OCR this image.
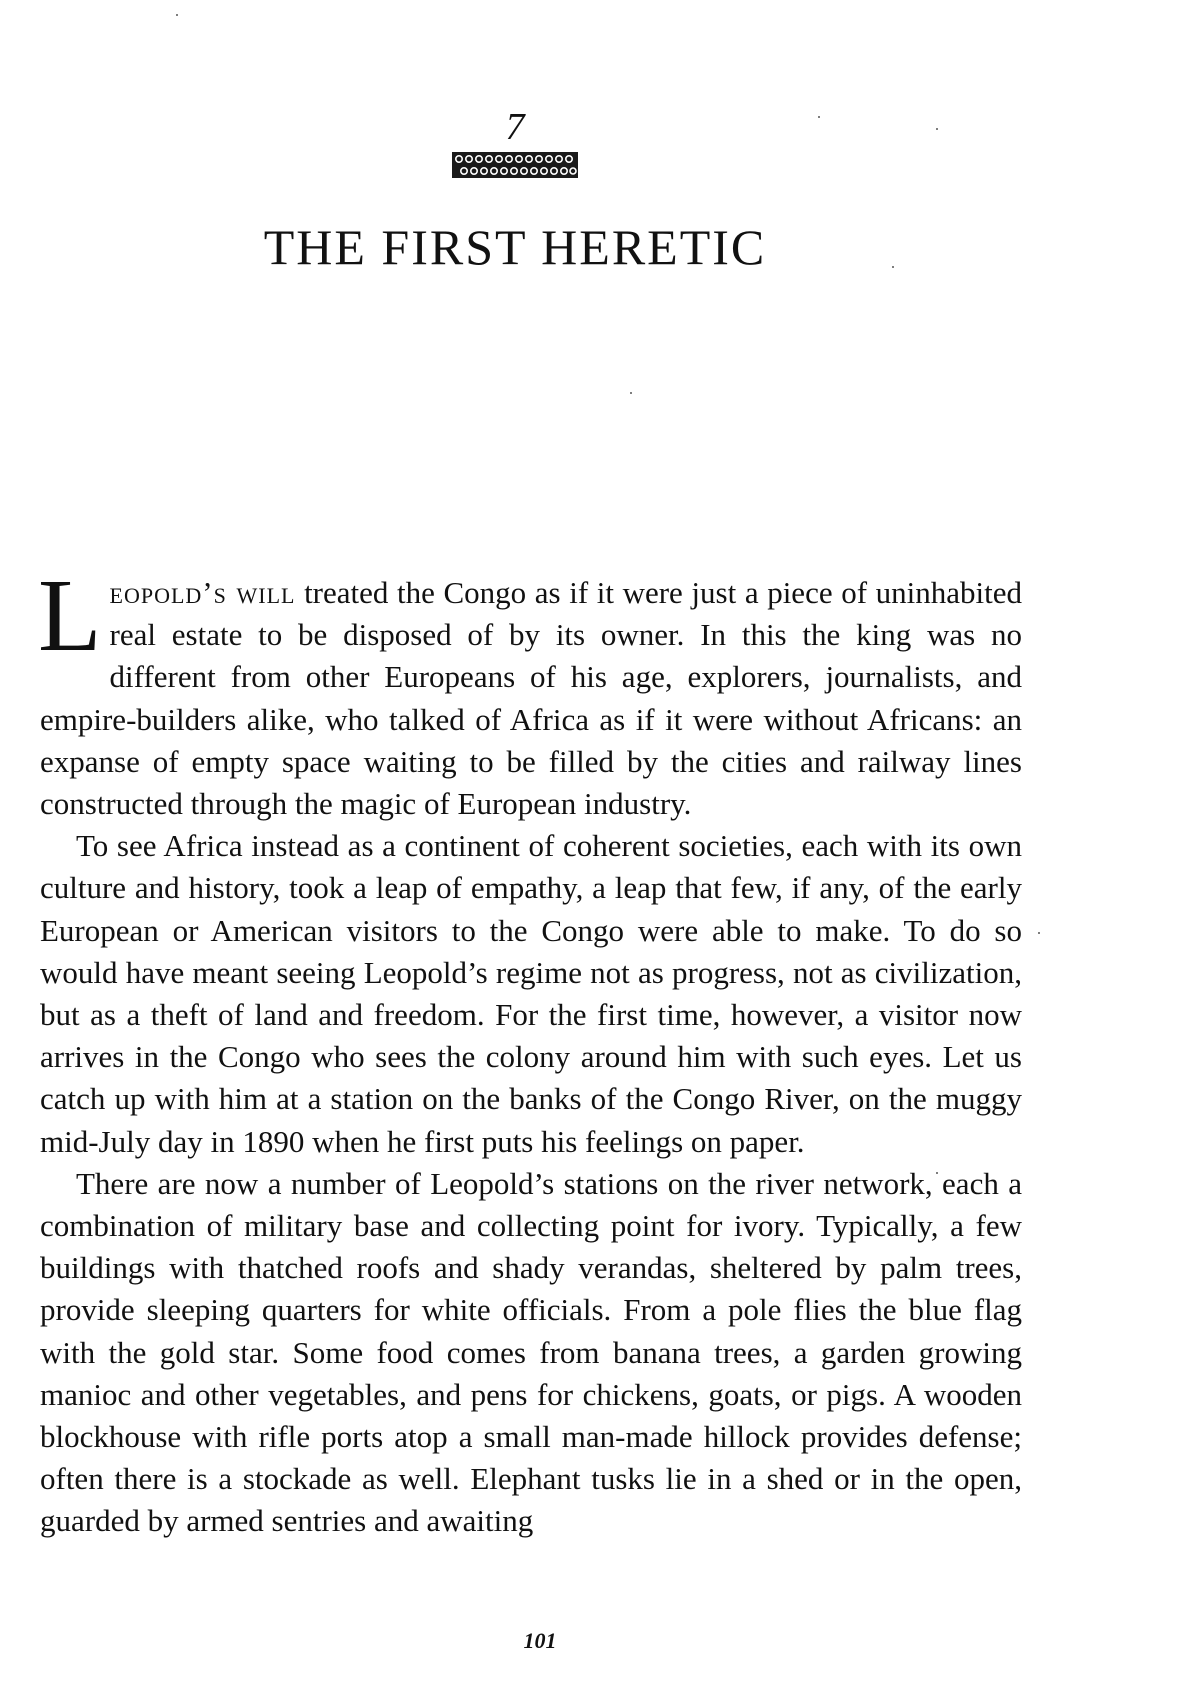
7
THE FIRST HERETIC

Leopold’s will treated the Congo as if it were just a piece of uninhabited real estate to be disposed of by its owner. In this the king was no different from other Europeans of his age, explorers, journalists, and empire-builders alike, who talked of Africa as if it were without Africans: an expanse of empty space waiting to be filled by the cities and railway lines constructed through the magic of European industry.

To see Africa instead as a continent of coherent societies, each with its own culture and history, took a leap of empathy, a leap that few, if any, of the early European or American visitors to the Congo were able to make. To do so would have meant seeing Leopold’s regime not as progress, not as civilization, but as a theft of land and freedom. For the first time, however, a visitor now arrives in the Congo who sees the colony around him with such eyes. Let us catch up with him at a station on the banks of the Congo River, on the muggy mid-July day in 1890 when he first puts his feelings on paper.

There are now a number of Leopold’s stations on the river network, each a combination of military base and collecting point for ivory. Typically, a few buildings with thatched roofs and shady verandas, sheltered by palm trees, provide sleeping quarters for white officials. From a pole flies the blue flag with the gold star. Some food comes from banana trees, a garden growing manioc and other vegetables, and pens for chickens, goats, or pigs. A wooden blockhouse with rifle ports atop a small man-made hillock provides defense; often there is a stockade as well. Elephant tusks lie in a shed or in the open, guarded by armed sentries and awaiting

101
